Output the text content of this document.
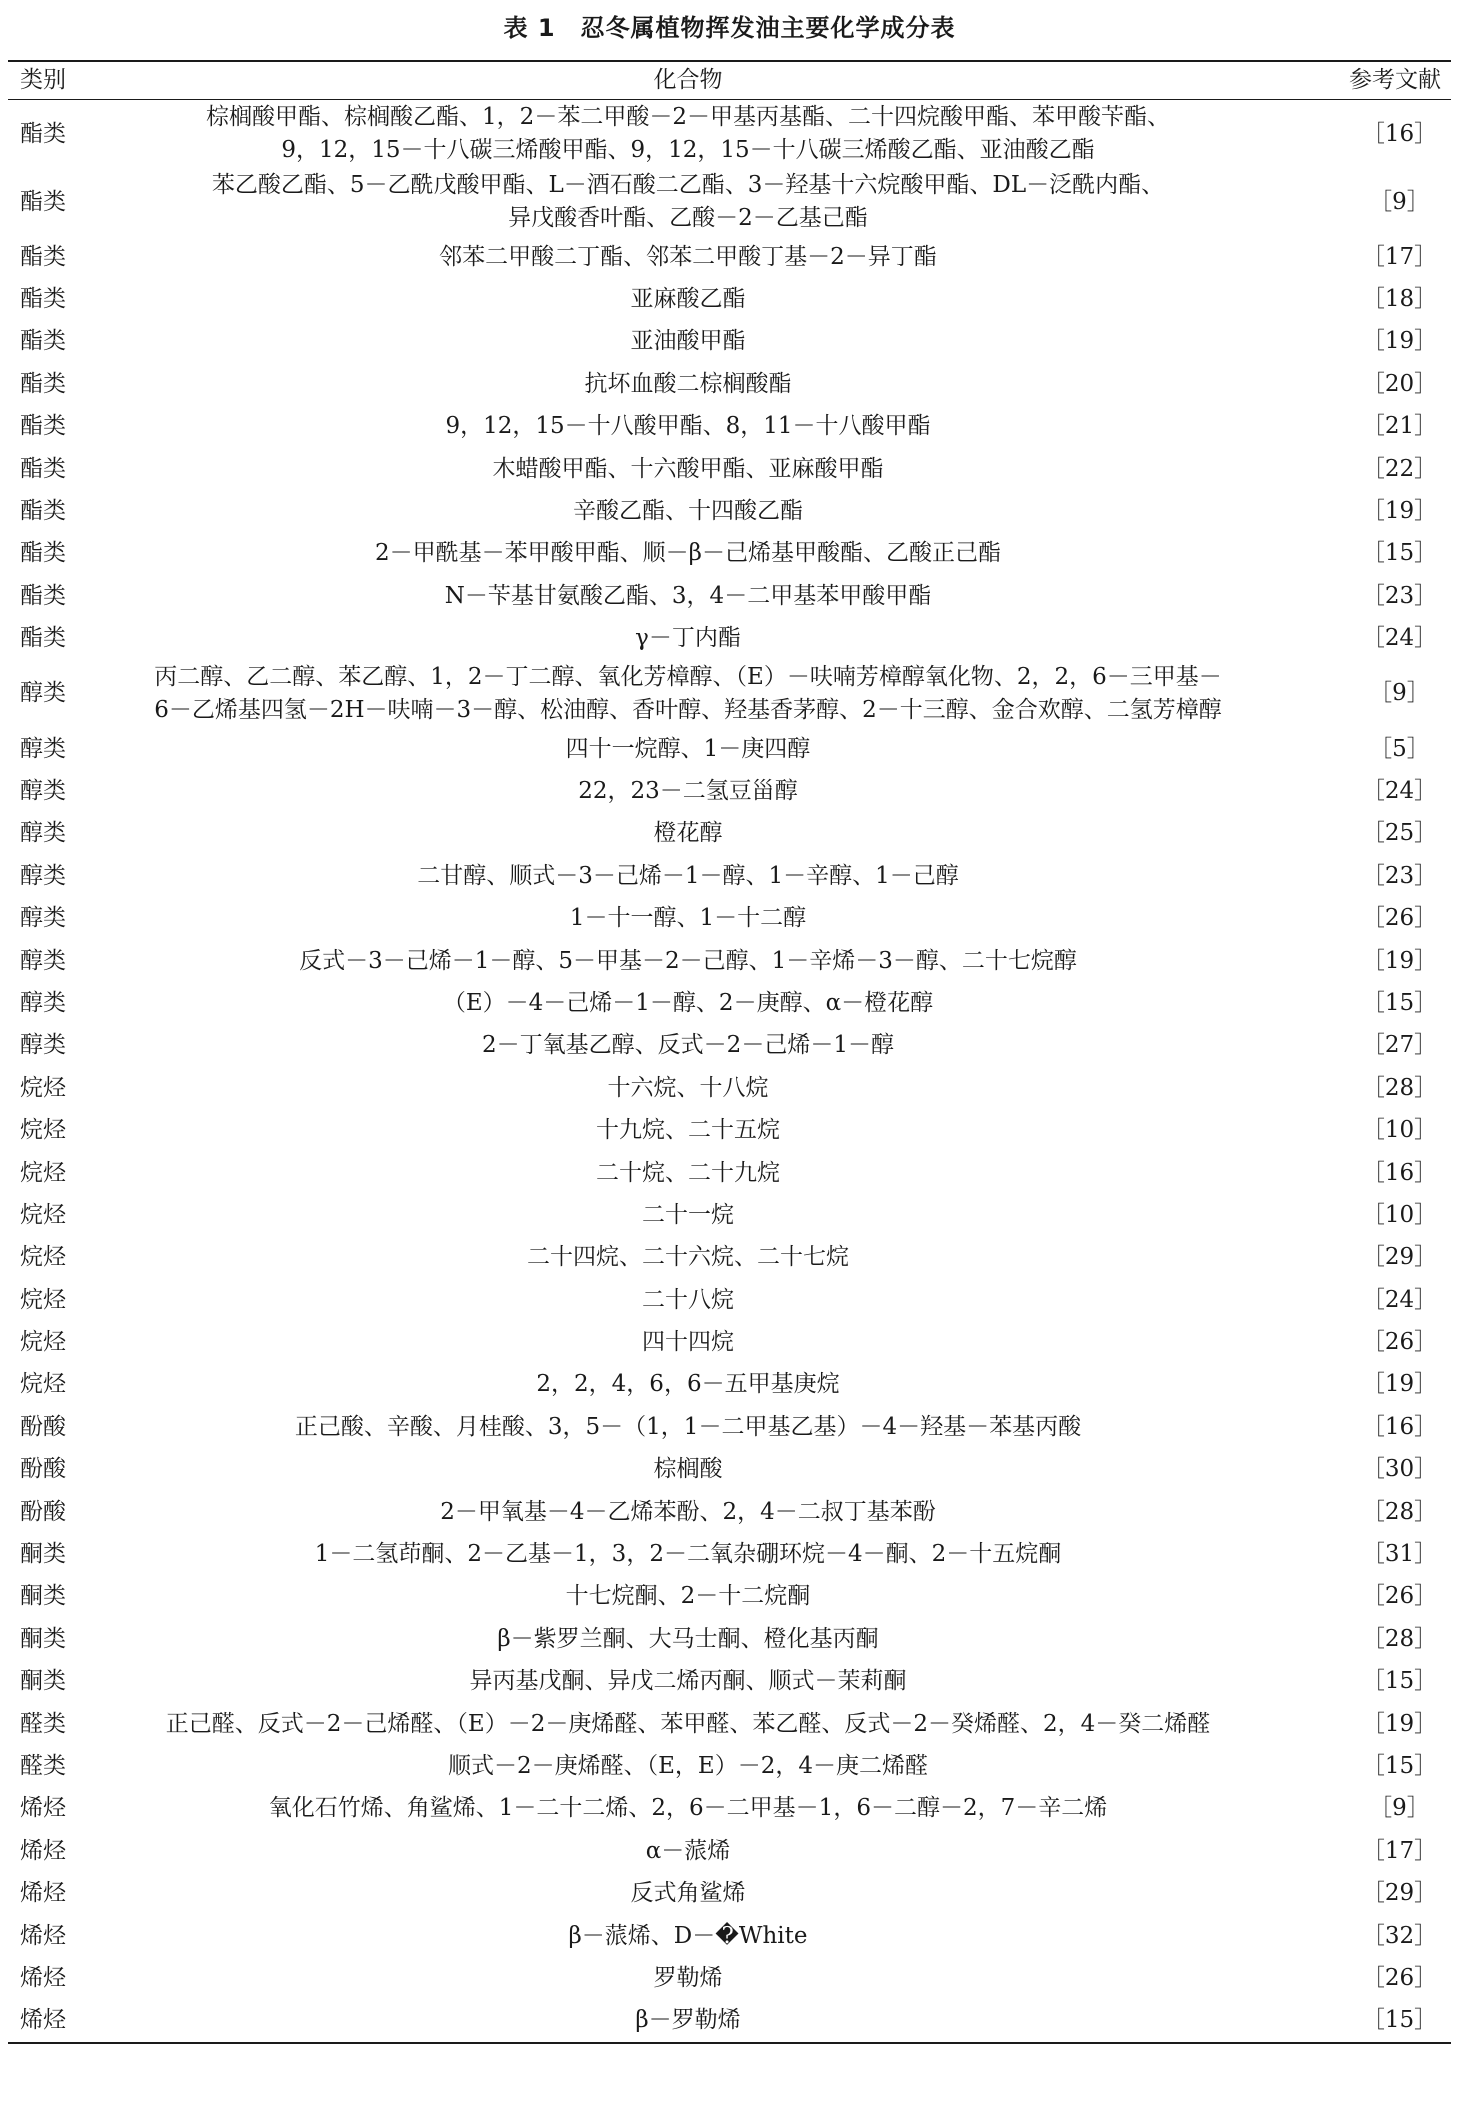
表 1　忍冬属植物挥发油主要化学成分表
类别	化合物	参考文献
酯类	棕榈酸甲酯、棕榈酸乙酯、1，2－苯二甲酸－2－甲基丙基酯、二十四烷酸甲酯、苯甲酸苄酯、
9，12，15－十八碳三烯酸甲酯、9，12，15－十八碳三烯酸乙酯、亚油酸乙酯	［16］
酯类	苯乙酸乙酯、5－乙酰戊酸甲酯、L－酒石酸二乙酯、3－羟基十六烷酸甲酯、DL－泛酰内酯、
异戊酸香叶酯、乙酸－2－乙基己酯	［9］
酯类	邻苯二甲酸二丁酯、邻苯二甲酸丁基－2－异丁酯	［17］
酯类	亚麻酸乙酯	［18］
酯类	亚油酸甲酯	［19］
酯类	抗坏血酸二棕榈酸酯	［20］
酯类	9，12，15－十八酸甲酯、8，11－十八酸甲酯	［21］
酯类	木蜡酸甲酯、十六酸甲酯、亚麻酸甲酯	［22］
酯类	辛酸乙酯、十四酸乙酯	［19］
酯类	2－甲酰基－苯甲酸甲酯、顺－β－己烯基甲酸酯、乙酸正己酯	［15］
酯类	N－苄基甘氨酸乙酯、3，4－二甲基苯甲酸甲酯	［23］
酯类	γ－丁内酯	［24］
醇类	丙二醇、乙二醇、苯乙醇、1，2－丁二醇、氧化芳樟醇、（E）－呋喃芳樟醇氧化物、2，2，6－三甲基－
6－乙烯基四氢－2H－呋喃－3－醇、松油醇、香叶醇、羟基香茅醇、2－十三醇、金合欢醇、二氢芳樟醇	［9］
醇类	四十一烷醇、1－庚四醇	［5］
醇类	22，23－二氢豆甾醇	［24］
醇类	橙花醇	［25］
醇类	二甘醇、顺式－3－己烯－1－醇、1－辛醇、1－己醇	［23］
醇类	1－十一醇、1－十二醇	［26］
醇类	反式－3－己烯－1－醇、5－甲基－2－己醇、1－辛烯－3－醇、二十七烷醇	［19］
醇类	（E）－4－己烯－1－醇、2－庚醇、α－橙花醇	［15］
醇类	2－丁氧基乙醇、反式－2－己烯－1－醇	［27］
烷烃	十六烷、十八烷	［28］
烷烃	十九烷、二十五烷	［10］
烷烃	二十烷、二十九烷	［16］
烷烃	二十一烷	［10］
烷烃	二十四烷、二十六烷、二十七烷	［29］
烷烃	二十八烷	［24］
烷烃	四十四烷	［26］
烷烃	2，2，4，6，6－五甲基庚烷	［19］
酚酸	正己酸、辛酸、月桂酸、3，5－（1，1－二甲基乙基）－4－羟基－苯基丙酸	［16］
酚酸	棕榈酸	［30］
酚酸	2－甲氧基－4－乙烯苯酚、2，4－二叔丁基苯酚	［28］
酮类	1－二氢茚酮、2－乙基－1，3，2－二氧杂硼环烷－4－酮、2－十五烷酮	［31］
酮类	十七烷酮、2－十二烷酮	［26］
酮类	β－紫罗兰酮、大马士酮、橙化基丙酮	［28］
酮类	异丙基戊酮、异戊二烯丙酮、顺式－茉莉酮	［15］
醛类	正己醛、反式－2－己烯醛、（E）－2－庚烯醛、苯甲醛、苯乙醛、反式－2－癸烯醛、2，4－癸二烯醛	［19］
醛类	顺式－2－庚烯醛、（E，E）－2，4－庚二烯醛	［15］
烯烃	氧化石竹烯、角鲨烯、1－二十二烯、2，6－二甲基－1，6－二醇－2，7－辛二烯	［9］
烯烃	α－蒎烯	［17］
烯烃	反式角鲨烯	［29］
烯烃	β－蒎烯、D－�White	［32］
烯烃	罗勒烯	［26］
烯烃	β－罗勒烯	［15］
